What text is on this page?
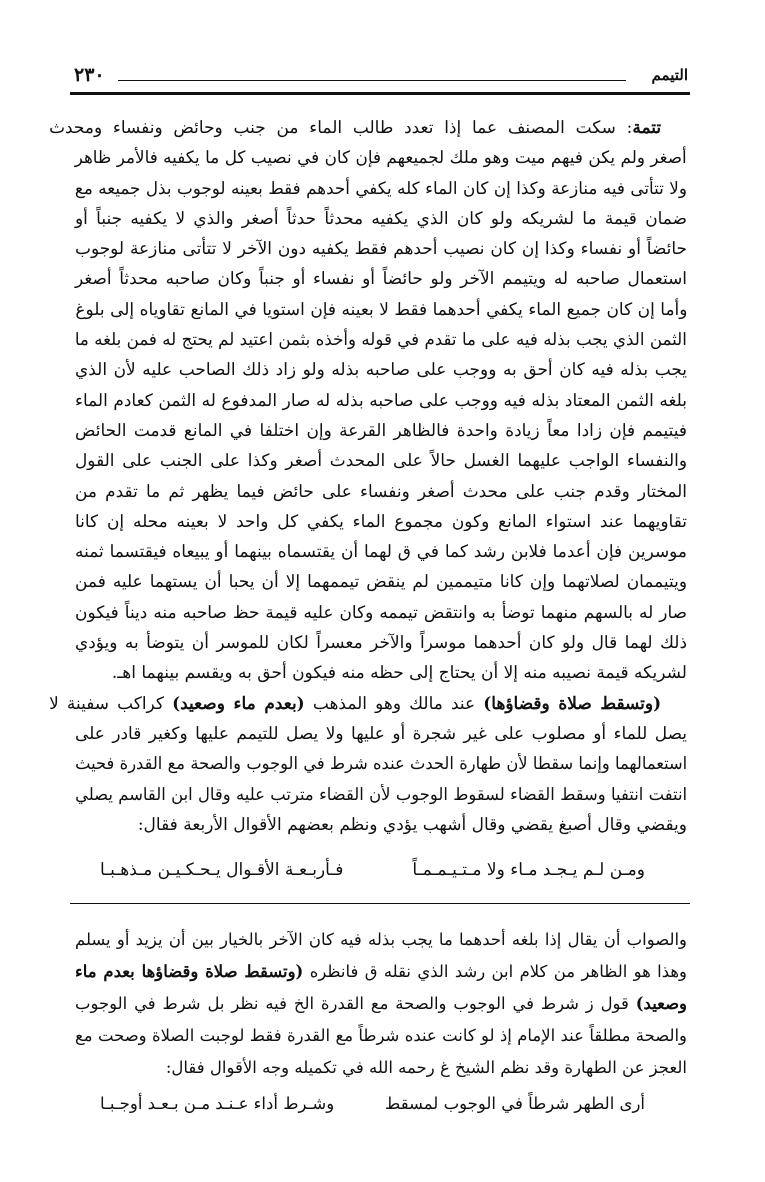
٢٣٠	التيمم
تتمة: سكت المصنف عما إذا تعدد طالب الماء من جنب وحائض ونفساء ومحدث
أصغر ولم يكن فيهم ميت وهو ملك لجميعهم فإن كان في نصيب كل ما يكفيه فالأمر ظاهر
ولا تتأتى فيه منازعة وكذا إن كان الماء كله يكفي أحدهم فقط بعينه لوجوب بذل جميعه مع
ضمان قيمة ما لشريكه ولو كان الذي يكفيه محدثاً حدثاً أصغر والذي لا يكفيه جنباً أو
حائضاً أو نفساء وكذا إن كان نصيب أحدهم فقط يكفيه دون الآخر لا تتأتى منازعة لوجوب
استعمال صاحبه له ويتيمم الآخر ولو حائضاً أو نفساء أو جنباً وكان صاحبه محدثاً أصغر
وأما إن كان جميع الماء يكفي أحدهما فقط لا بعينه فإن استويا في المانع تقاوياه إلى بلوغ
الثمن الذي يجب بذله فيه على ما تقدم في قوله وأخذه بثمن اعتيد لم يحتج له فمن بلغه ما
يجب بذله فيه كان أحق به ووجب على صاحبه بذله ولو زاد ذلك الصاحب عليه لأن الذي
بلغه الثمن المعتاد بذله فيه ووجب على صاحبه بذله له صار المدفوع له الثمن كعادم الماء
فيتيمم فإن زادا معاً زيادة واحدة فالظاهر القرعة وإن اختلفا في المانع قدمت الحائض
والنفساء الواجب عليهما الغسل حالاً على المحدث أصغر وكذا على الجنب على القول
المختار وقدم جنب على محدث أصغر ونفساء على حائض فيما يظهر ثم ما تقدم من
تقاويهما عند استواء المانع وكون مجموع الماء يكفي كل واحد لا بعينه محله إن كانا
موسرين فإن أعدما فلابن رشد كما في ق لهما أن يقتسماه بينهما أو يبيعاه فيقتسما ثمنه
ويتيممان لصلاتهما وإن كانا متيممين لم ينقض تيممهما إلا أن يحبا أن يستهما عليه فمن
صار له بالسهم منهما توضأ به وانتقض تيممه وكان عليه قيمة حظ صاحبه منه ديناً فيكون
ذلك لهما قال ولو كان أحدهما موسراً والآخر معسراً لكان للموسر أن يتوضأ به ويؤدي
لشريكه قيمة نصيبه منه إلا أن يحتاج إلى حظه منه فيكون أحق به ويقسم بينهما اهـ.
(وتسقط صلاة وقضاؤها) عند مالك وهو المذهب (بعدم ماء وصعيد) كراكب سفينة لا
يصل للماء أو مصلوب على غير شجرة أو عليها ولا يصل للتيمم عليها وكغير قادر على
استعمالهما وإنما سقطا لأن طهارة الحدث عنده شرط في الوجوب والصحة مع القدرة فحيث
انتفت انتفيا وسقط القضاء لسقوط الوجوب لأن القضاء مترتب عليه وقال ابن القاسم يصلي
ويقضي وقال أصبغ يقضي وقال أشهب يؤدي ونظم بعضهم الأقوال الأربعة فقال:
ومـن لـم يـجـد مـاء ولا مـتـيـمـمـاً
فـأربـعـة الأقـوال يـحـكـيـن مـذهـبـا
والصواب أن يقال إذا بلغه أحدهما ما يجب بذله فيه كان الآخر بالخيار بين أن يزيد أو يسلم
وهذا هو الظاهر من كلام ابن رشد الذي نقله ق فانظره (وتسقط صلاة وقضاؤها بعدم ماء
وصعيد) قول ز شرط في الوجوب والصحة مع القدرة الخ فيه نظر بل شرط في الوجوب
والصحة مطلقاً عند الإمام إذ لو كانت عنده شرطاً مع القدرة فقط لوجبت الصلاة وصحت مع
العجز عن الطهارة وقد نظم الشيخ غ رحمه الله في تكميله وجه الأقوال فقال:
أرى الطهر شرطاً في الوجوب لمسقط
وشـرط أداء عـنـد مـن بـعـد أوجـبـا
